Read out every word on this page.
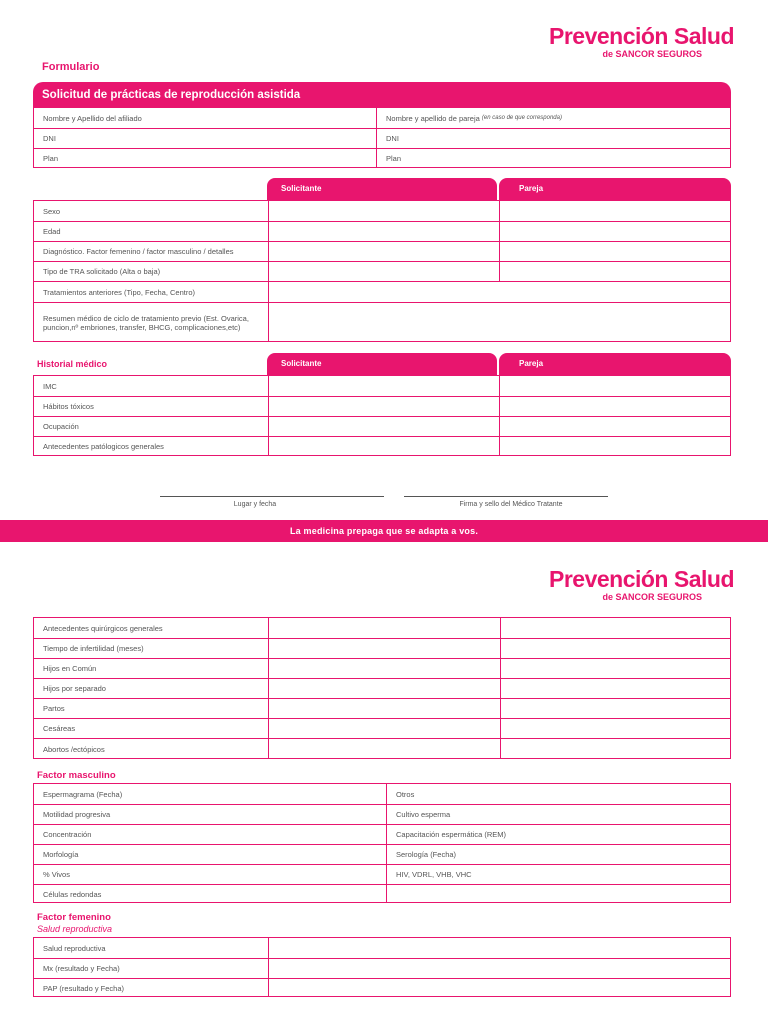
Prevención Salud
de SANCOR SEGUROS
Formulario
Solicitud de prácticas de reproducción asistida
Nombre y Apellido del afiliado	Nombre y apellido de pareja
(en caso de que corresponda)
DNI	DNI
Plan	Plan
Solicitante	Pareja
Sexo
Edad
Diagnóstico. Factor femenino / factor masculino / detalles
Tipo de TRA solicitado (Alta o baja)
Tratamientos anteriores (Tipo, Fecha, Centro)
Resumen médico de ciclo de tratamiento previo (Est. Ovarica, puncion,nº embriones, transfer, BHCG, complicaciones,etc)
Historial médico	Solicitante	Pareja
IMC
Hábitos tóxicos
Ocupación
Antecedentes patólogicos generales
Lugar y fecha	Firma y sello del Médico Tratante
La medicina prepaga que se adapta a vos.
Prevención Salud
de SANCOR SEGUROS
Antecedentes quirúrgicos generales
Tiempo de infertilidad (meses)
Hijos en Común
Hijos por separado
Partos
Cesáreas
Abortos /ectópicos
Factor masculino
Espermagrama (Fecha)	Otros
Motilidad progresiva	Cultivo esperma
Concentración	Capacitación espermática (REM)
Morfología	Serología (Fecha)
% Vivos	HIV, VDRL, VHB, VHC
Células redondas
Factor femenino
Salud reproductiva
Salud reproductiva
Mx (resultado y Fecha)
PAP (resultado y Fecha)
